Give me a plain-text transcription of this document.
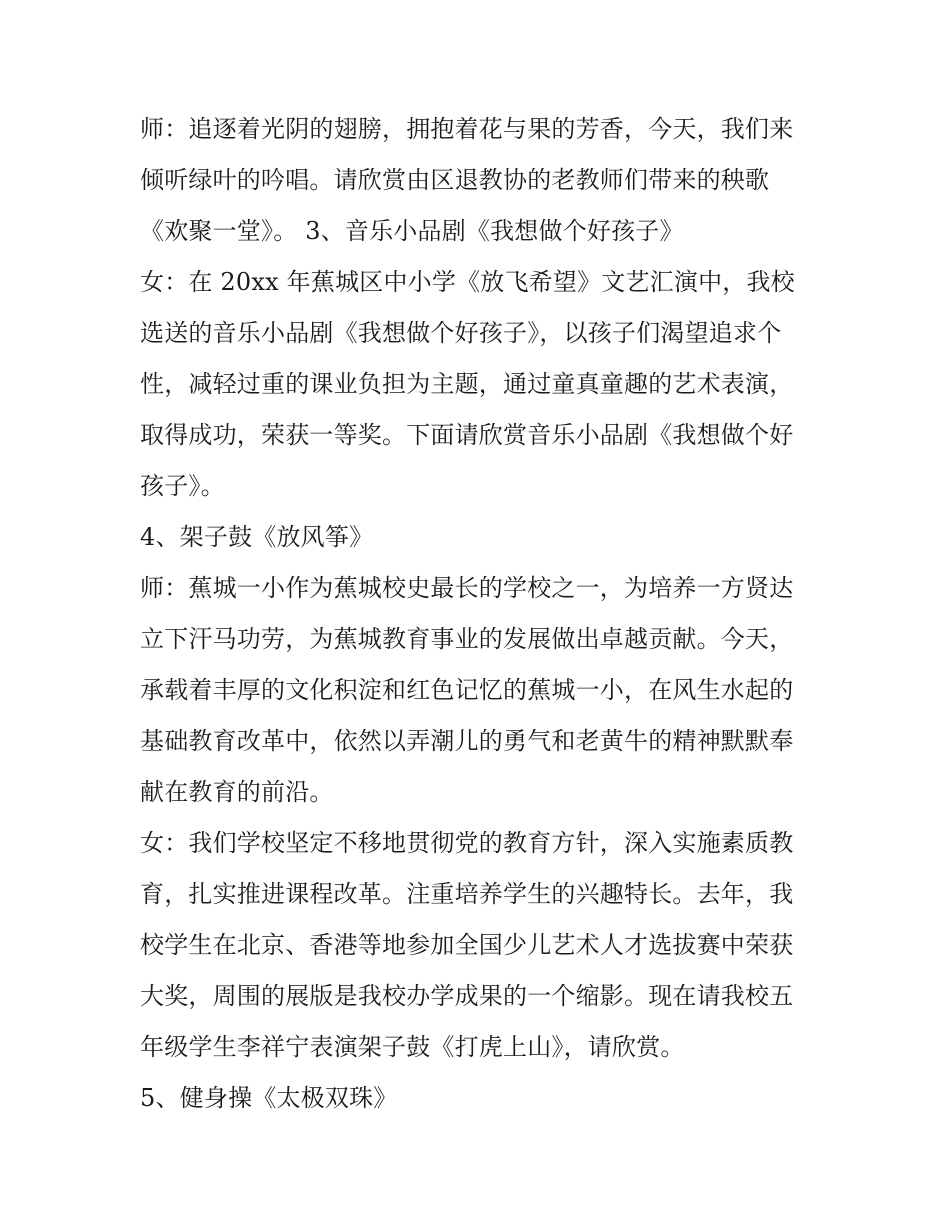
师：追逐着光阴的翅膀，拥抱着花与果的芳香，今天，我们来
倾听绿叶的吟唱。请欣赏由区退教协的老教师们带来的秧歌
《欢聚一堂》。 3、音乐小品剧《我想做个好孩子》
女：在 20xx 年蕉城区中小学《放飞希望》文艺汇演中，我校
选送的音乐小品剧《我想做个好孩子》，以孩子们渴望追求个
性，减轻过重的课业负担为主题，通过童真童趣的艺术表演，
取得成功，荣获一等奖。下面请欣赏音乐小品剧《我想做个好
孩子》。
4、架子鼓《放风筝》
师：蕉城一小作为蕉城校史最长的学校之一，为培养一方贤达
立下汗马功劳，为蕉城教育事业的发展做出卓越贡献。今天，
承载着丰厚的文化积淀和红色记忆的蕉城一小，在风生水起的
基础教育改革中，依然以弄潮儿的勇气和老黄牛的精神默默奉
献在教育的前沿。
女：我们学校坚定不移地贯彻党的教育方针，深入实施素质教
育，扎实推进课程改革。注重培养学生的兴趣特长。去年，我
校学生在北京、香港等地参加全国少儿艺术人才选拔赛中荣获
大奖，周围的展版是我校办学成果的一个缩影。现在请我校五
年级学生李祥宁表演架子鼓《打虎上山》，请欣赏。
5、健身操《太极双珠》
